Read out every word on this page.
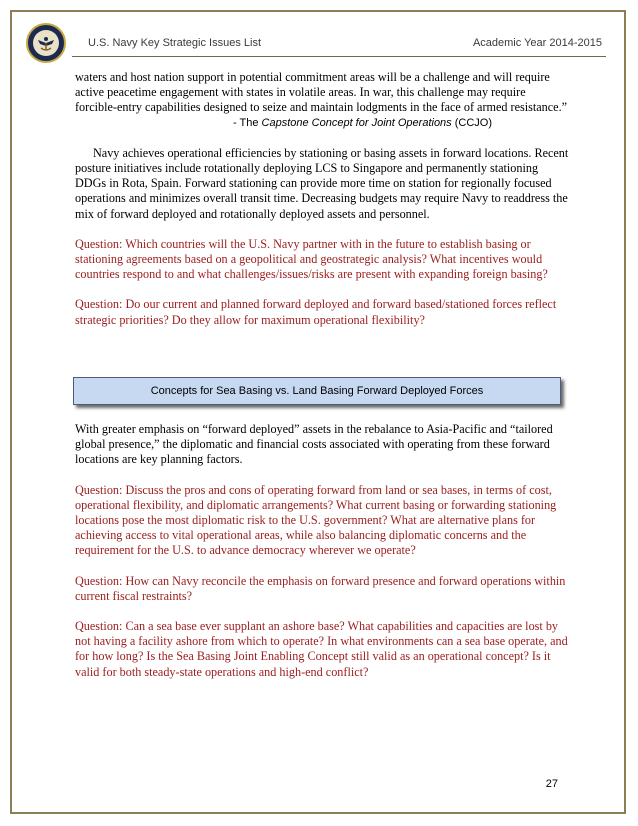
U.S. Navy Key Strategic Issues List	Academic Year 2014-2015

waters and host nation support in potential commitment areas will be a challenge and will require active peacetime engagement with states in volatile areas. In war, this challenge may require forcible-entry capabilities designed to seize and maintain lodgments in the face of armed resistance.”

- The Capstone Concept for Joint Operations (CCJO)

Navy achieves operational efficiencies by stationing or basing assets in forward locations. Recent posture initiatives include rotationally deploying LCS to Singapore and permanently stationing DDGs in Rota, Spain. Forward stationing can provide more time on station for regionally focused operations and minimizes overall transit time. Decreasing budgets may require Navy to readdress the mix of forward deployed and rotationally deployed assets and personnel.

Question: Which countries will the U.S. Navy partner with in the future to establish basing or stationing agreements based on a geopolitical and geostrategic analysis? What incentives would countries respond to and what challenges/issues/risks are present with expanding foreign basing?

Question: Do our current and planned forward deployed and forward based/stationed forces reflect strategic priorities? Do they allow for maximum operational flexibility?

Concepts for Sea Basing vs. Land Basing Forward Deployed Forces

With greater emphasis on “forward deployed” assets in the rebalance to Asia-Pacific and “tailored global presence,” the diplomatic and financial costs associated with operating from these forward locations are key planning factors.

Question: Discuss the pros and cons of operating forward from land or sea bases, in terms of cost, operational flexibility, and diplomatic arrangements? What current basing or forwarding stationing locations pose the most diplomatic risk to the U.S. government? What are alternative plans for achieving access to vital operational areas, while also balancing diplomatic concerns and the requirement for the U.S. to advance democracy wherever we operate?

Question: How can Navy reconcile the emphasis on forward presence and forward operations within current fiscal restraints?

Question: Can a sea base ever supplant an ashore base? What capabilities and capacities are lost by not having a facility ashore from which to operate? In what environments can a sea base operate, and for how long? Is the Sea Basing Joint Enabling Concept still valid as an operational concept? Is it valid for both steady-state operations and high-end conflict?

27
